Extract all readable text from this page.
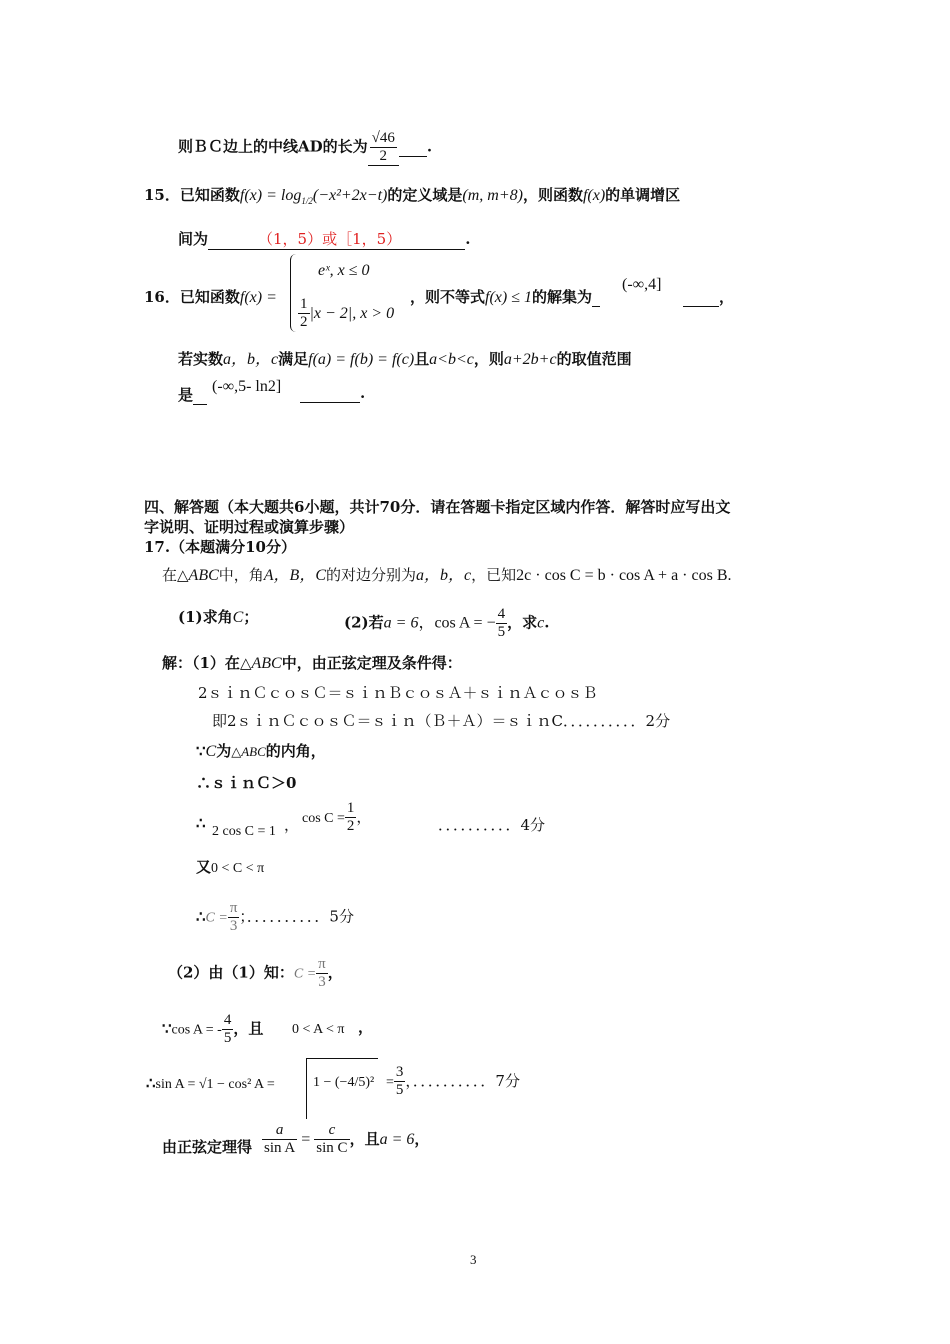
则ＢＣ边上的中线AD的长为 $\frac{√46}{2}$ .
15．已知函数$f(x) = \log_{1/2}(-x^2+2x-t)$的定义域是(m, m+8)，则函数f(x)的单调增区
间为	（1，5）或［1，5）	.
16．已知函数f(x) =
eˣ, x ≤ 0
$\frac{1}{2} |x - 2|$, x > 0
，则不等式f(x) ≤ 1的解集为
(-∞,4]
，
若实数a，b，c满足f(a) = f(b) = f(c)且a<b<c，则a+2b+c的取值范围
是	(-∞,5- ln2]	.
四、解答题（本大题共6小题，共计70分．请在答题卡指定区域内作答．解答时应写出文
字说明、证明过程或演算步骤）
17.（本题满分10分）
在△ABC中，角A，B，C的对边分别为a，b，c，已知2c · cos C = b · cos A + a · cos B.
(1)求角C；	(2)若a = 6，cos A = − $\frac{4}{5}$ ，求c.
解：（1）在△ABC中，由正弦定理及条件得：
2ｓｉｎＣｃｏｓＣ＝ｓｉｎＢｃｏｓＡ＋ｓｉｎＡｃｏｓＢ
即2ｓｉｎＣｃｏｓＣ＝ｓｉｎ（Ｂ＋Ａ）＝ｓｉｎC．．．．．．．．．．2分
∵C为△ABC的内角，
∴ｓｉｎＣ＞0
∴ 2 cos C = 1 ， $\cos C = \frac{1}{2}$ ，	．．．．．．．．．．4分
又0 < C < π
∴C = $\frac{\pi}{3}$ ；．．．．．．．．．．5分
（2）由（1）知：$C = \frac{\pi}{3}$ ，
∵cos A = - $\frac{4}{5}$ ，且 0 < A < π ，
∴sin A = √1 − cos² A =	$1 - (-4/5)^2 = \frac{3}{5}$ ，．．．．．．．．．．7分
由正弦定理得 $\frac{a}{\text{sin A}} = \frac{c}{\text{sin C}}$ ，且a = 6，
3
